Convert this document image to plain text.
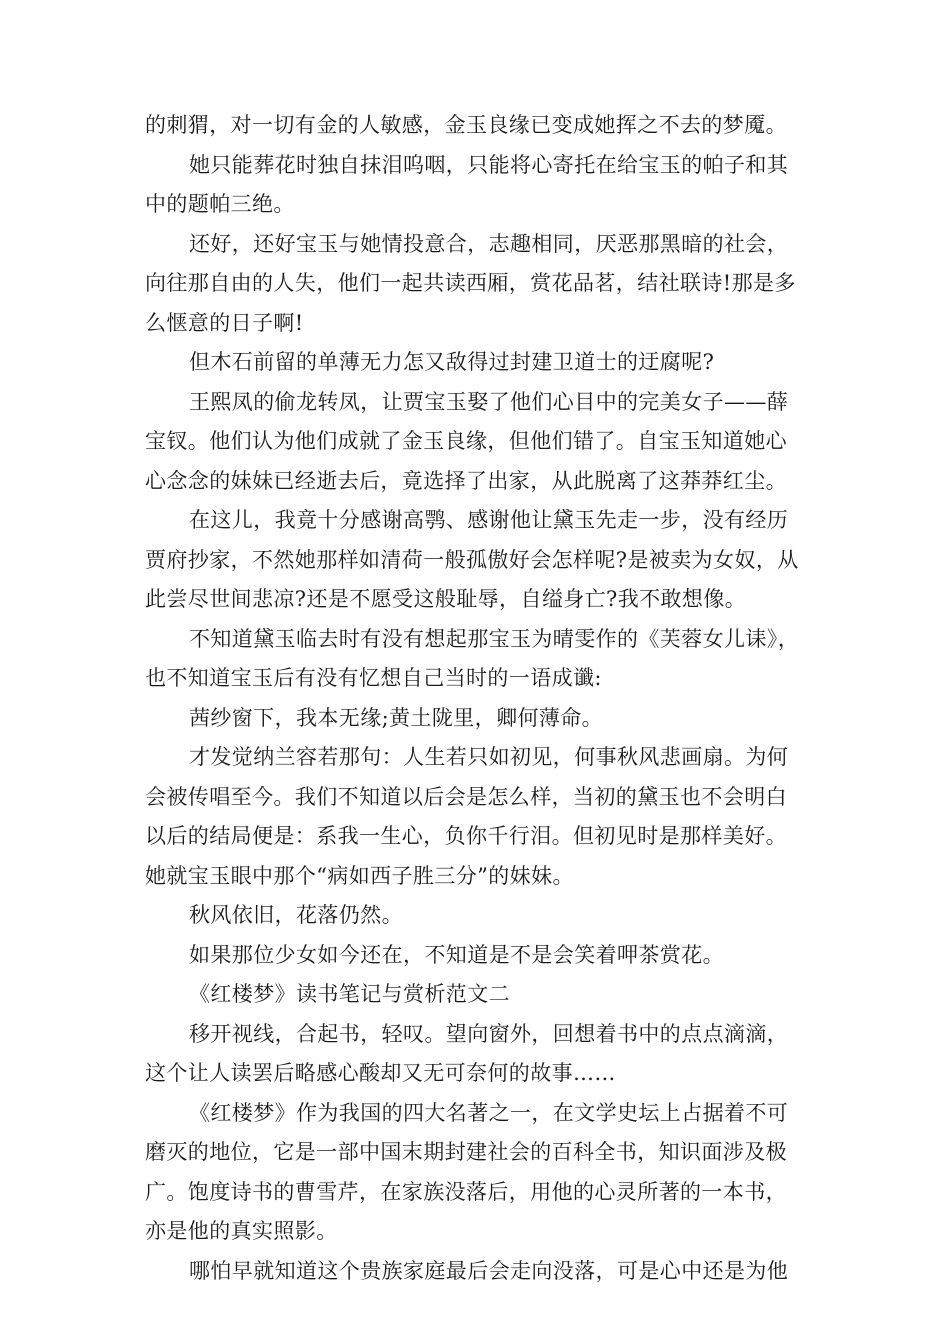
的刺猬，对一切有金的人敏感，金玉良缘已变成她挥之不去的梦魇。
她只能葬花时独自抹泪呜咽，只能将心寄托在给宝玉的帕子和其
中的题帕三绝。
还好，还好宝玉与她情投意合，志趣相同，厌恶那黑暗的社会，
向往那自由的人失，他们一起共读西厢，赏花品茗，结社联诗!那是多
么惬意的日子啊!
但木石前留的单薄无力怎又敌得过封建卫道士的迂腐呢?
王熙凤的偷龙转凤，让贾宝玉娶了他们心目中的完美女子——薛
宝钗。他们认为他们成就了金玉良缘，但他们错了。自宝玉知道她心
心念念的妹妹已经逝去后，竟选择了出家，从此脱离了这莽莽红尘。
在这儿，我竟十分感谢高鹗、感谢他让黛玉先走一步，没有经历
贾府抄家，不然她那样如清荷一般孤傲好会怎样呢?是被卖为女奴，从
此尝尽世间悲凉?还是不愿受这般耻辱，自缢身亡?我不敢想像。
不知道黛玉临去时有没有想起那宝玉为晴雯作的《芙蓉女儿诔》，
也不知道宝玉后有没有忆想自己当时的一语成谶:
茜纱窗下，我本无缘;黄土陇里，卿何薄命。
才发觉纳兰容若那句：人生若只如初见，何事秋风悲画扇。为何
会被传唱至今。我们不知道以后会是怎么样，当初的黛玉也不会明白
以后的结局便是：系我一生心，负你千行泪。但初见时是那样美好。
她就宝玉眼中那个“病如西子胜三分”的妹妹。
秋风依旧，花落仍然。
如果那位少女如今还在，不知道是不是会笑着呷茶赏花。
《红楼梦》读书笔记与赏析范文二
移开视线，合起书，轻叹。望向窗外，回想着书中的点点滴滴，
这个让人读罢后略感心酸却又无可奈何的故事……
《红楼梦》作为我国的四大名著之一，在文学史坛上占据着不可
磨灭的地位，它是一部中国末期封建社会的百科全书，知识面涉及极
广。饱度诗书的曹雪芹，在家族没落后，用他的心灵所著的一本书，
亦是他的真实照影。
哪怕早就知道这个贵族家庭最后会走向没落，可是心中还是为他
